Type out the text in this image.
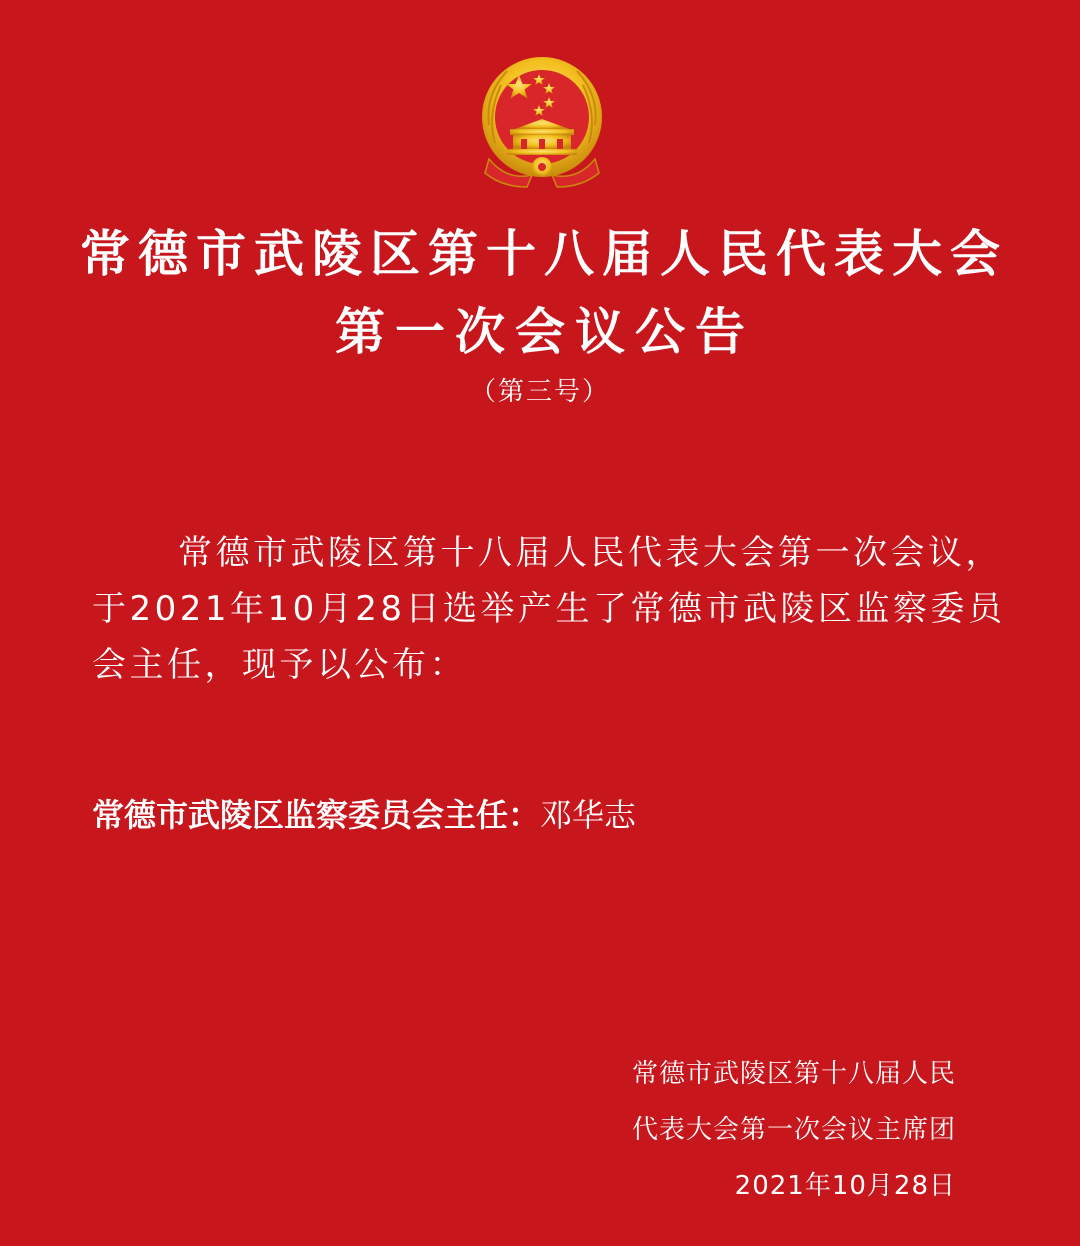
常德市武陵区第十八届人民代表大会
第一次会议公告
（第三号）
常德市武陵区第十八届人民代表大会第一次会议，
于2021年10月28日选举产生了常德市武陵区监察委员
会主任，现予以公布：
常德市武陵区监察委员会主任：邓华志
常德市武陵区第十八届人民
代表大会第一次会议主席团
2021年10月28日
